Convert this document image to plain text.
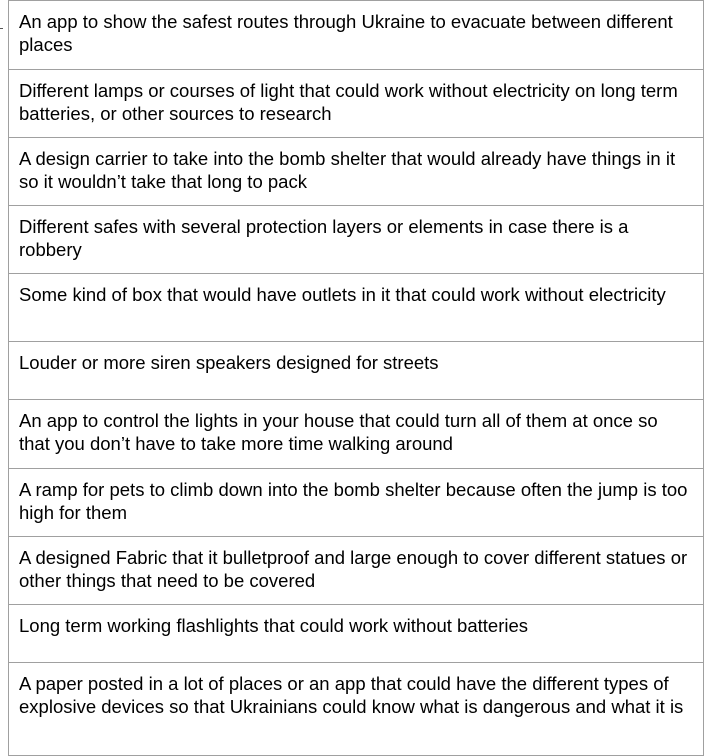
An app to show the safest routes through Ukraine to evacuate between different places
Different lamps or courses of light that could work without electricity on long term batteries, or other sources to research
A design carrier to take into the bomb shelter that would already have things in it so it wouldn’t take that long to pack
Different safes with several protection layers or elements in case there is a robbery
Some kind of box that would have outlets in it that could work without electricity
Louder or more siren speakers designed for streets
An app to control the lights in your house that could turn all of them at once so that you don’t have to take more time walking around
A ramp for pets to climb down into the bomb shelter because often the jump is too high for them
A designed Fabric that it bulletproof and large enough to cover different statues or other things that need to be covered
Long term working flashlights that could work without batteries
A paper posted in a lot of places or an app that could have the different types of explosive devices so that Ukrainians could know what is dangerous and what it is
